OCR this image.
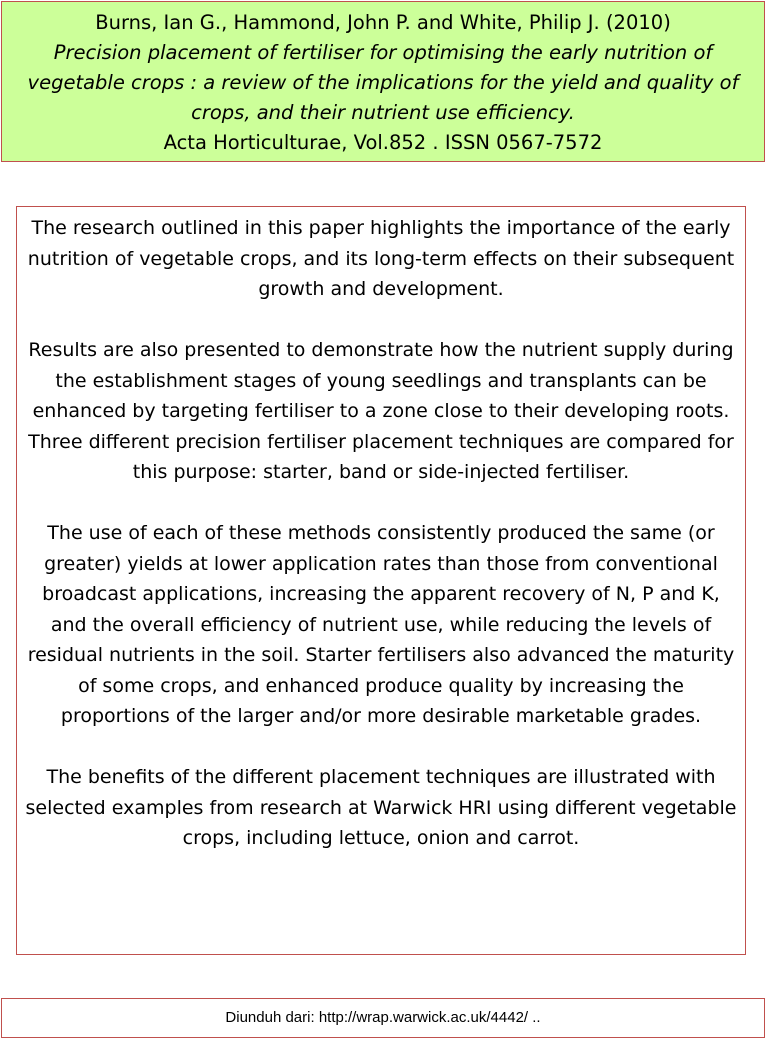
Burns, Ian G., Hammond, John P. and White, Philip J. (2010)
Precision placement of fertiliser for optimising the early nutrition of
vegetable crops : a review of the implications for the yield and quality of
crops, and their nutrient use efficiency.
Acta Horticulturae, Vol.852 . ISSN 0567-7572

The research outlined in this paper highlights the importance of the early nutrition of vegetable crops, and its long-term effects on their subsequent growth and development.

Results are also presented to demonstrate how the nutrient supply during the establishment stages of young seedlings and transplants can be enhanced by targeting fertiliser to a zone close to their developing roots. Three different precision fertiliser placement techniques are compared for this purpose: starter, band or side-injected fertiliser.

The use of each of these methods consistently produced the same (or greater) yields at lower application rates than those from conventional broadcast applications, increasing the apparent recovery of N, P and K, and the overall efficiency of nutrient use, while reducing the levels of residual nutrients in the soil. Starter fertilisers also advanced the maturity of some crops, and enhanced produce quality by increasing the proportions of the larger and/or more desirable marketable grades.

The benefits of the different placement techniques are illustrated with selected examples from research at Warwick HRI using different vegetable crops, including lettuce, onion and carrot.

Diunduh dari: http://wrap.warwick.ac.uk/4442/ ..
